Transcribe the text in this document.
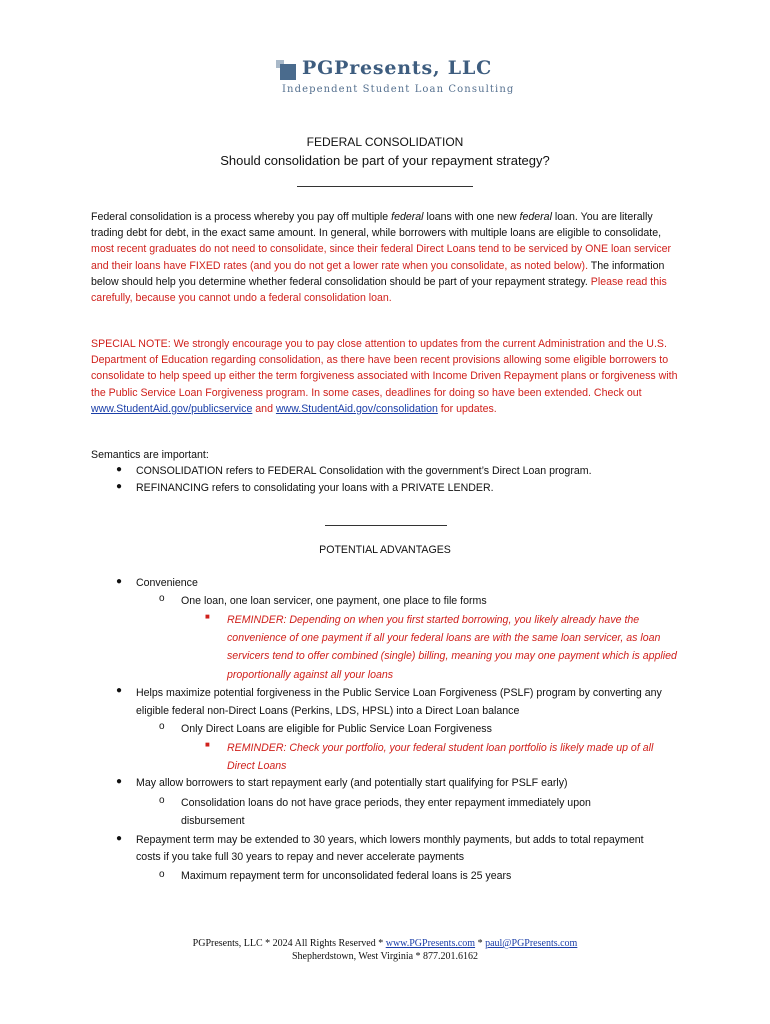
PGPresents, LLC
Independent Student Loan Consulting
FEDERAL CONSOLIDATION
Should consolidation be part of your repayment strategy?
Federal consolidation is a process whereby you pay off multiple federal loans with one new federal loan. You are literally trading debt for debt, in the exact same amount. In general, while borrowers with multiple loans are eligible to consolidate, most recent graduates do not need to consolidate, since their federal Direct Loans tend to be serviced by ONE loan servicer and their loans have FIXED rates (and you do not get a lower rate when you consolidate, as noted below). The information below should help you determine whether federal consolidation should be part of your repayment strategy. Please read this carefully, because you cannot undo a federal consolidation loan.
SPECIAL NOTE: We strongly encourage you to pay close attention to updates from the current Administration and the U.S. Department of Education regarding consolidation, as there have been recent provisions allowing some eligible borrowers to consolidate to help speed up either the term forgiveness associated with Income Driven Repayment plans or forgiveness with the Public Service Loan Forgiveness program. In some cases, deadlines for doing so have been extended. Check out www.StudentAid.gov/publicservice and www.StudentAid.gov/consolidation for updates.
Semantics are important:
● CONSOLIDATION refers to FEDERAL Consolidation with the government’s Direct Loan program.
● REFINANCING refers to consolidating your loans with a PRIVATE LENDER.
POTENTIAL ADVANTAGES
● Convenience
o One loan, one loan servicer, one payment, one place to file forms
■ REMINDER: Depending on when you first started borrowing, you likely already have the convenience of one payment if all your federal loans are with the same loan servicer, as loan servicers tend to offer combined (single) billing, meaning you may one payment which is applied proportionally against all your loans
● Helps maximize potential forgiveness in the Public Service Loan Forgiveness (PSLF) program by converting any eligible federal non-Direct Loans (Perkins, LDS, HPSL) into a Direct Loan balance
o Only Direct Loans are eligible for Public Service Loan Forgiveness
■ REMINDER: Check your portfolio, your federal student loan portfolio is likely made up of all Direct Loans
● May allow borrowers to start repayment early (and potentially start qualifying for PSLF early)
o Consolidation loans do not have grace periods, they enter repayment immediately upon disbursement
● Repayment term may be extended to 30 years, which lowers monthly payments, but adds to total repayment costs if you take full 30 years to repay and never accelerate payments
o Maximum repayment term for unconsolidated federal loans is 25 years
PGPresents, LLC * 2024 All Rights Reserved * www.PGPresents.com * paul@PGPresents.com
Shepherdstown, West Virginia * 877.201.6162
